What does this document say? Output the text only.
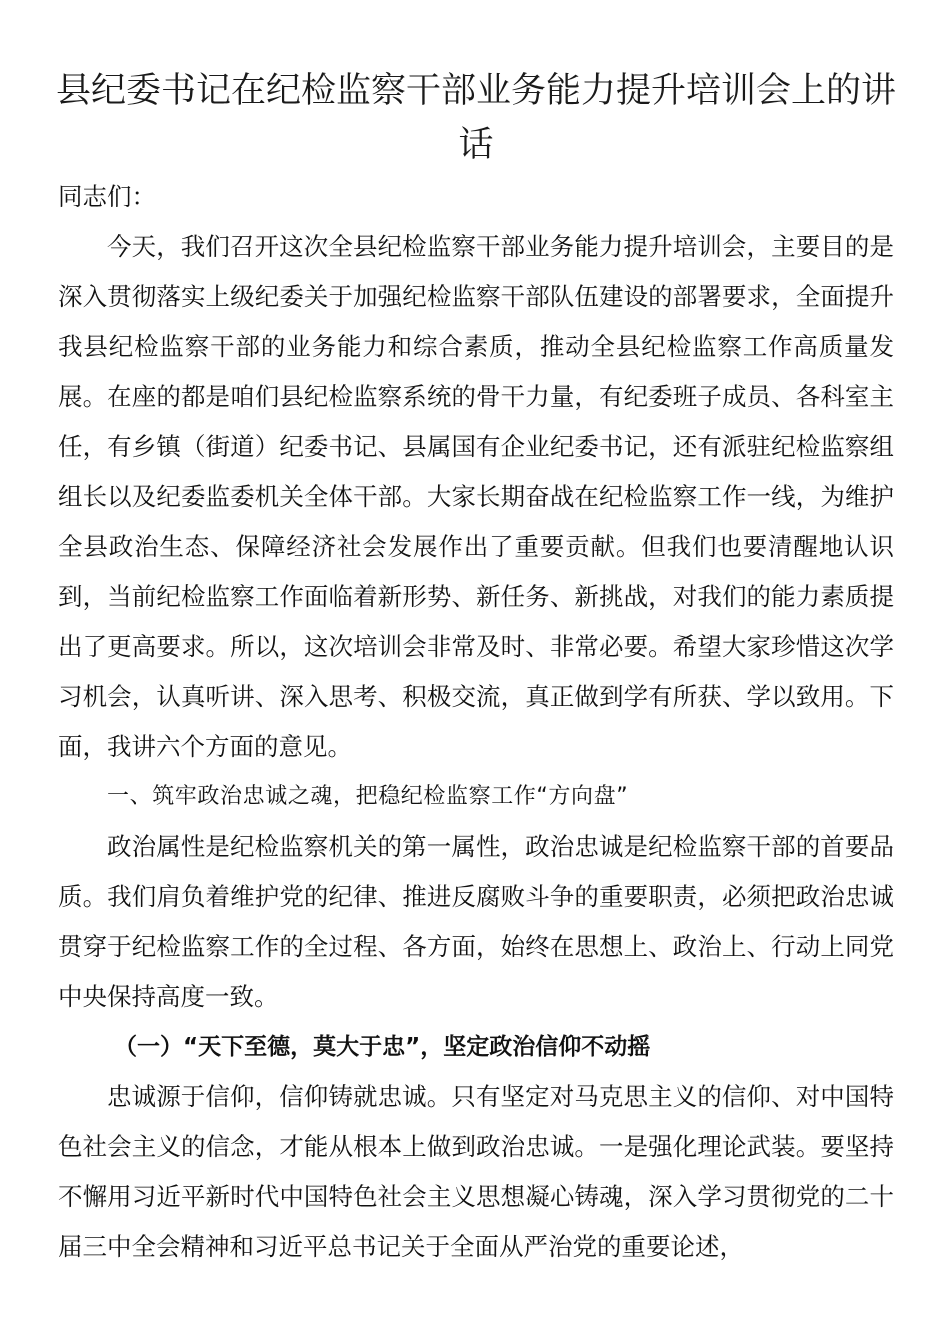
县纪委书记在纪检监察干部业务能力提升培训会上的讲话

同志们：

今天，我们召开这次全县纪检监察干部业务能力提升培训会，主要目的是深入贯彻落实上级纪委关于加强纪检监察干部队伍建设的部署要求，全面提升我县纪检监察干部的业务能力和综合素质，推动全县纪检监察工作高质量发展。在座的都是咱们县纪检监察系统的骨干力量，有纪委班子成员、各科室主任，有乡镇（街道）纪委书记、县属国有企业纪委书记，还有派驻纪检监察组组长以及纪委监委机关全体干部。大家长期奋战在纪检监察工作一线，为维护全县政治生态、保障经济社会发展作出了重要贡献。但我们也要清醒地认识到，当前纪检监察工作面临着新形势、新任务、新挑战，对我们的能力素质提出了更高要求。所以，这次培训会非常及时、非常必要。希望大家珍惜这次学习机会，认真听讲、深入思考、积极交流，真正做到学有所获、学以致用。下面，我讲六个方面的意见。

一、筑牢政治忠诚之魂，把稳纪检监察工作“方向盘”

政治属性是纪检监察机关的第一属性，政治忠诚是纪检监察干部的首要品质。我们肩负着维护党的纪律、推进反腐败斗争的重要职责，必须把政治忠诚贯穿于纪检监察工作的全过程、各方面，始终在思想上、政治上、行动上同党中央保持高度一致。

（一）“天下至德，莫大于忠”，坚定政治信仰不动摇

忠诚源于信仰，信仰铸就忠诚。只有坚定对马克思主义的信仰、对中国特色社会主义的信念，才能从根本上做到政治忠诚。一是强化理论武装。要坚持不懈用习近平新时代中国特色社会主义思想凝心铸魂，深入学习贯彻党的二十届三中全会精神和习近平总书记关于全面从严治党的重要论述，
